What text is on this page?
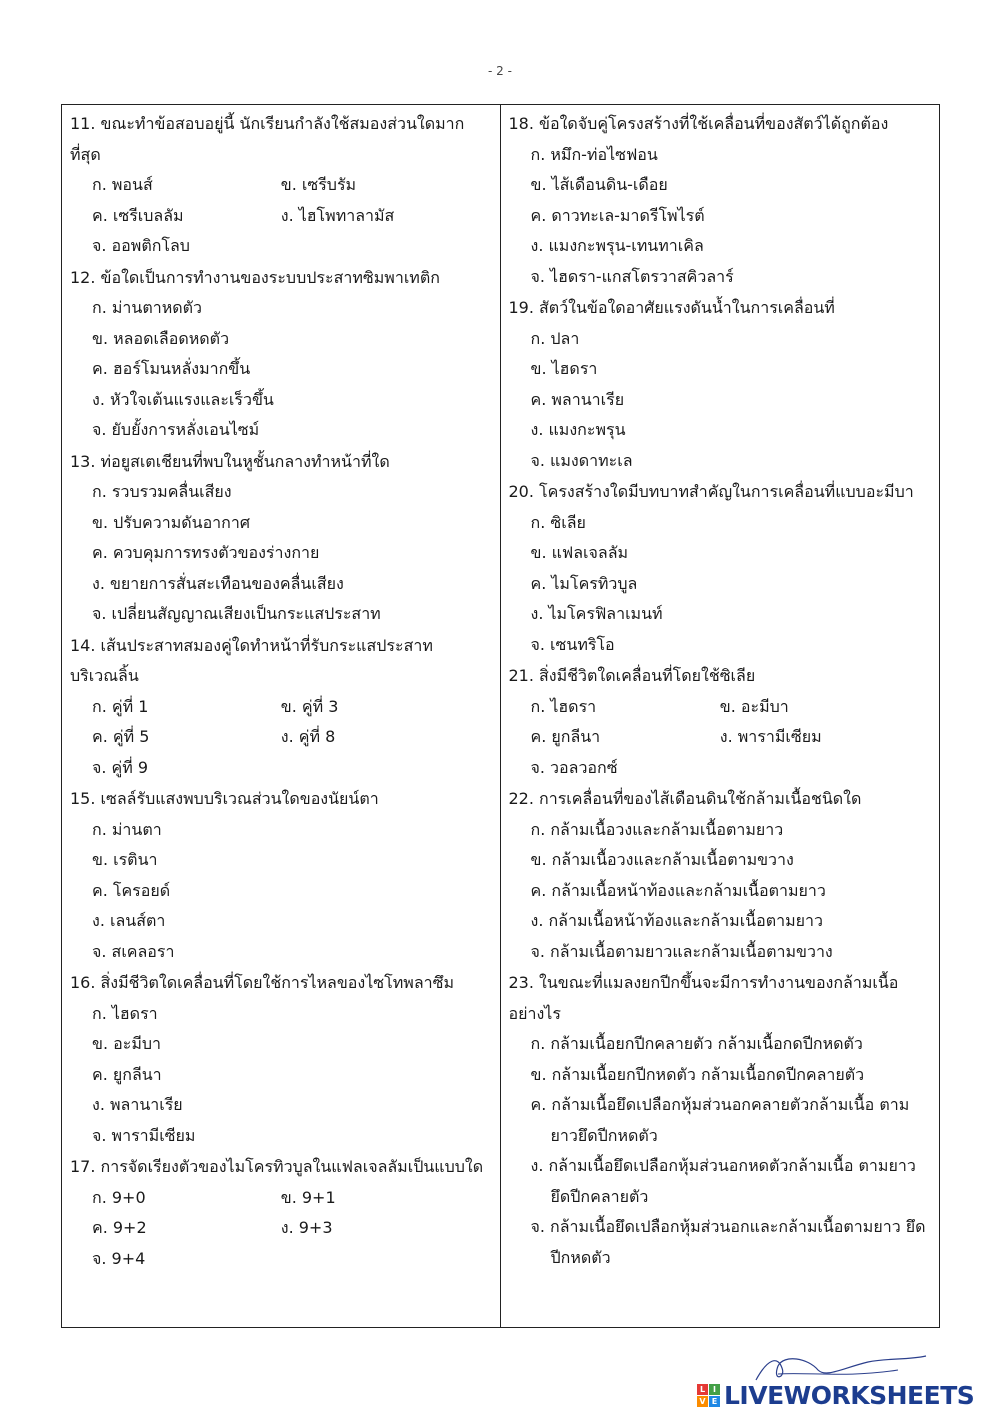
- 2 -
11. ขณะทำข้อสอบอยู่นี้ นักเรียนกำลังใช้สมองส่วนใดมาก
ที่สุด
ก. พอนส์	ข. เซรีบรัม
ค. เซรีเบลลัม	ง. ไฮโพทาลามัส
จ. ออพติกโลบ
12. ข้อใดเป็นการทำงานของระบบประสาทซิมพาเทติก
ก. ม่านตาหดตัว
ข. หลอดเลือดหดตัว
ค. ฮอร์โมนหลั่งมากขึ้น
ง. หัวใจเต้นแรงและเร็วขึ้น
จ. ยับยั้งการหลั่งเอนไซม์
13. ท่อยูสเตเชียนที่พบในหูชั้นกลางทำหน้าที่ใด
ก. รวบรวมคลื่นเสียง
ข. ปรับความดันอากาศ
ค. ควบคุมการทรงตัวของร่างกาย
ง. ขยายการสั่นสะเทือนของคลื่นเสียง
จ. เปลี่ยนสัญญาณเสียงเป็นกระแสประสาท
14. เส้นประสาทสมองคู่ใดทำหน้าที่รับกระแสประสาท
บริเวณลิ้น
ก. คู่ที่ 1	ข. คู่ที่ 3
ค. คู่ที่ 5	ง. คู่ที่ 8
จ. คู่ที่ 9
15. เซลล์รับแสงพบบริเวณส่วนใดของนัยน์ตา
ก. ม่านตา
ข. เรตินา
ค. โครอยด์
ง. เลนส์ตา
จ. สเคลอรา
16. สิ่งมีชีวิตใดเคลื่อนที่โดยใช้การไหลของไซโทพลาซึม
ก. ไฮดรา
ข. อะมีบา
ค. ยูกลีนา
ง. พลานาเรีย
จ. พารามีเซียม
17. การจัดเรียงตัวของไมโครทิวบูลในแฟลเจลลัมเป็นแบบใด
ก. 9+0	ข. 9+1
ค. 9+2	ง. 9+3
จ. 9+4
18. ข้อใดจับคู่โครงสร้างที่ใช้เคลื่อนที่ของสัตว์ได้ถูกต้อง
ก. หมึก-ท่อไซฟอน
ข. ไส้เดือนดิน-เดือย
ค. ดาวทะเล-มาดรีโพไรต์
ง. แมงกะพรุน-เทนทาเคิล
จ. ไฮดรา-แกสโตรวาสคิวลาร์
19. สัตว์ในข้อใดอาศัยแรงดันน้ำในการเคลื่อนที่
ก. ปลา
ข. ไฮดรา
ค. พลานาเรีย
ง. แมงกะพรุน
จ. แมงดาทะเล
20. โครงสร้างใดมีบทบาทสำคัญในการเคลื่อนที่แบบอะมีบา
ก. ซิเลีย
ข. แฟลเจลลัม
ค. ไมโครทิวบูล
ง. ไมโครฟิลาเมนท์
จ. เซนทริโอ
21. สิ่งมีชีวิตใดเคลื่อนที่โดยใช้ซิเลีย
ก. ไฮดรา	ข. อะมีบา
ค. ยูกลีนา	ง. พารามีเซียม
จ. วอลวอกซ์
22. การเคลื่อนที่ของไส้เดือนดินใช้กล้ามเนื้อชนิดใด
ก. กล้ามเนื้อวงและกล้ามเนื้อตามยาว
ข. กล้ามเนื้อวงและกล้ามเนื้อตามขวาง
ค. กล้ามเนื้อหน้าท้องและกล้ามเนื้อตามยาว
ง. กล้ามเนื้อหน้าท้องและกล้ามเนื้อตามยาว
จ. กล้ามเนื้อตามยาวและกล้ามเนื้อตามขวาง
23. ในขณะที่แมลงยกปีกขึ้นจะมีการทำงานของกล้ามเนื้อ
อย่างไร
ก. กล้ามเนื้อยกปีกคลายตัว กล้ามเนื้อกดปีกหดตัว
ข. กล้ามเนื้อยกปีกหดตัว กล้ามเนื้อกดปีกคลายตัว
ค. กล้ามเนื้อยึดเปลือกหุ้มส่วนอกคลายตัวกล้ามเนื้อ ตามยาวยึดปีกหดตัว
ง. กล้ามเนื้อยึดเปลือกหุ้มส่วนอกหดตัวกล้ามเนื้อ ตามยาวยึดปีกคลายตัว
จ. กล้ามเนื้อยึดเปลือกหุ้มส่วนอกและกล้ามเนื้อตามยาว ยึดปีกหดตัว
L I
V E LIVEWORKSHEETS
